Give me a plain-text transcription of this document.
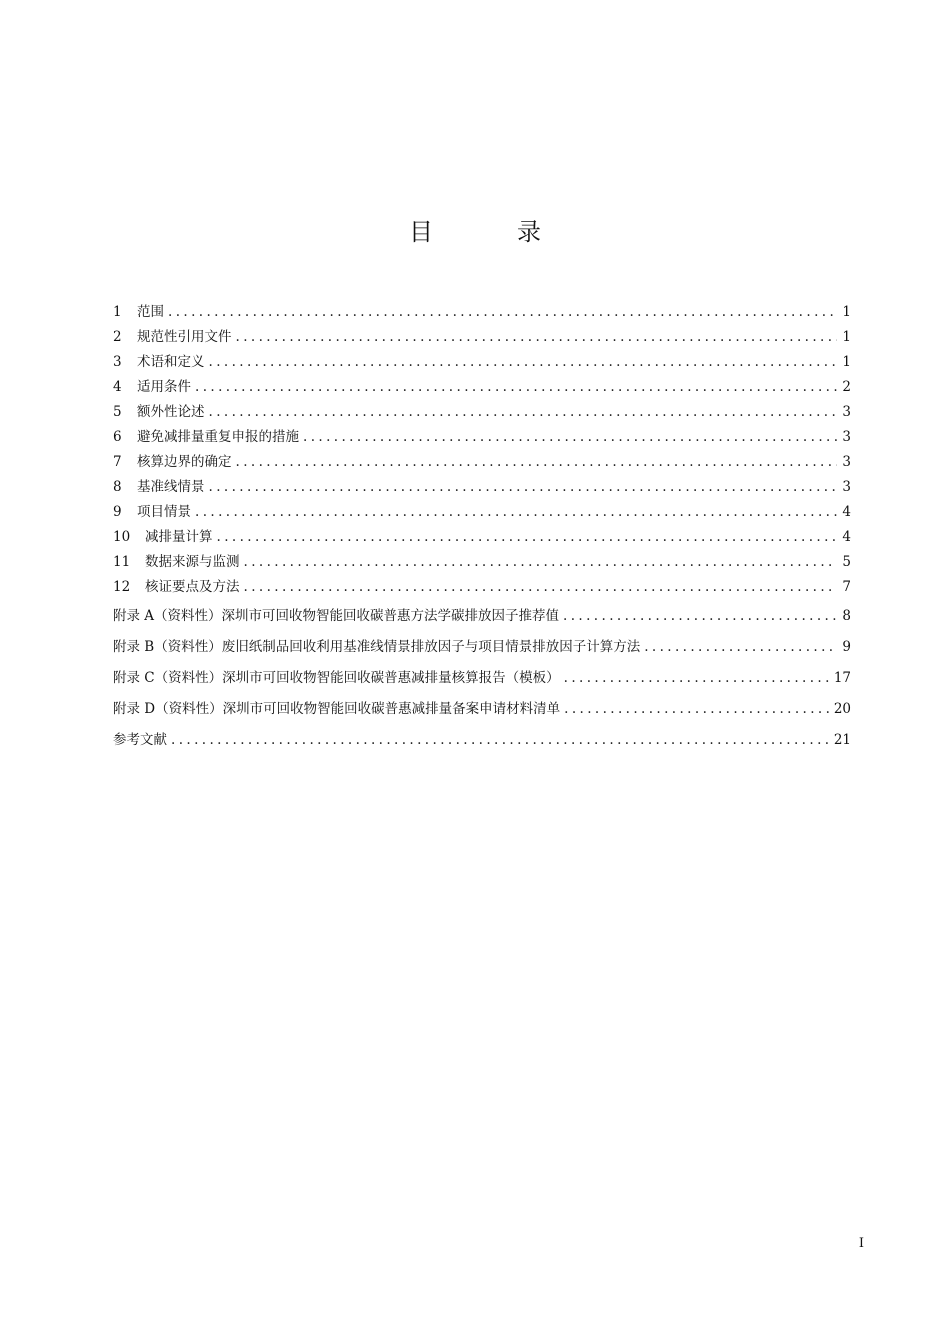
目　录
1	范围 .....	1
2	规范性引用文件 .....	1
3	术语和定义 .....	1
4	适用条件 .....	2
5	额外性论述 .....	3
6	避免减排量重复申报的措施 .....	3
7	核算边界的确定 .....	3
8	基准线情景 .....	3
9	项目情景 .....	4
10	减排量计算 .....	4
11	数据来源与监测 .....	5
12	核证要点及方法 .....	7
附录 A（资料性）深圳市可回收物智能回收碳普惠方法学碳排放因子推荐值 .....	8
附录 B（资料性）废旧纸制品回收利用基准线情景排放因子与项目情景排放因子计算方法 .....	9
附录 C（资料性）深圳市可回收物智能回收碳普惠减排量核算报告（模板） .....	17
附录 D（资料性）深圳市可回收物智能回收碳普惠减排量备案申请材料清单 .....	20
参考文献 .....	21
I
